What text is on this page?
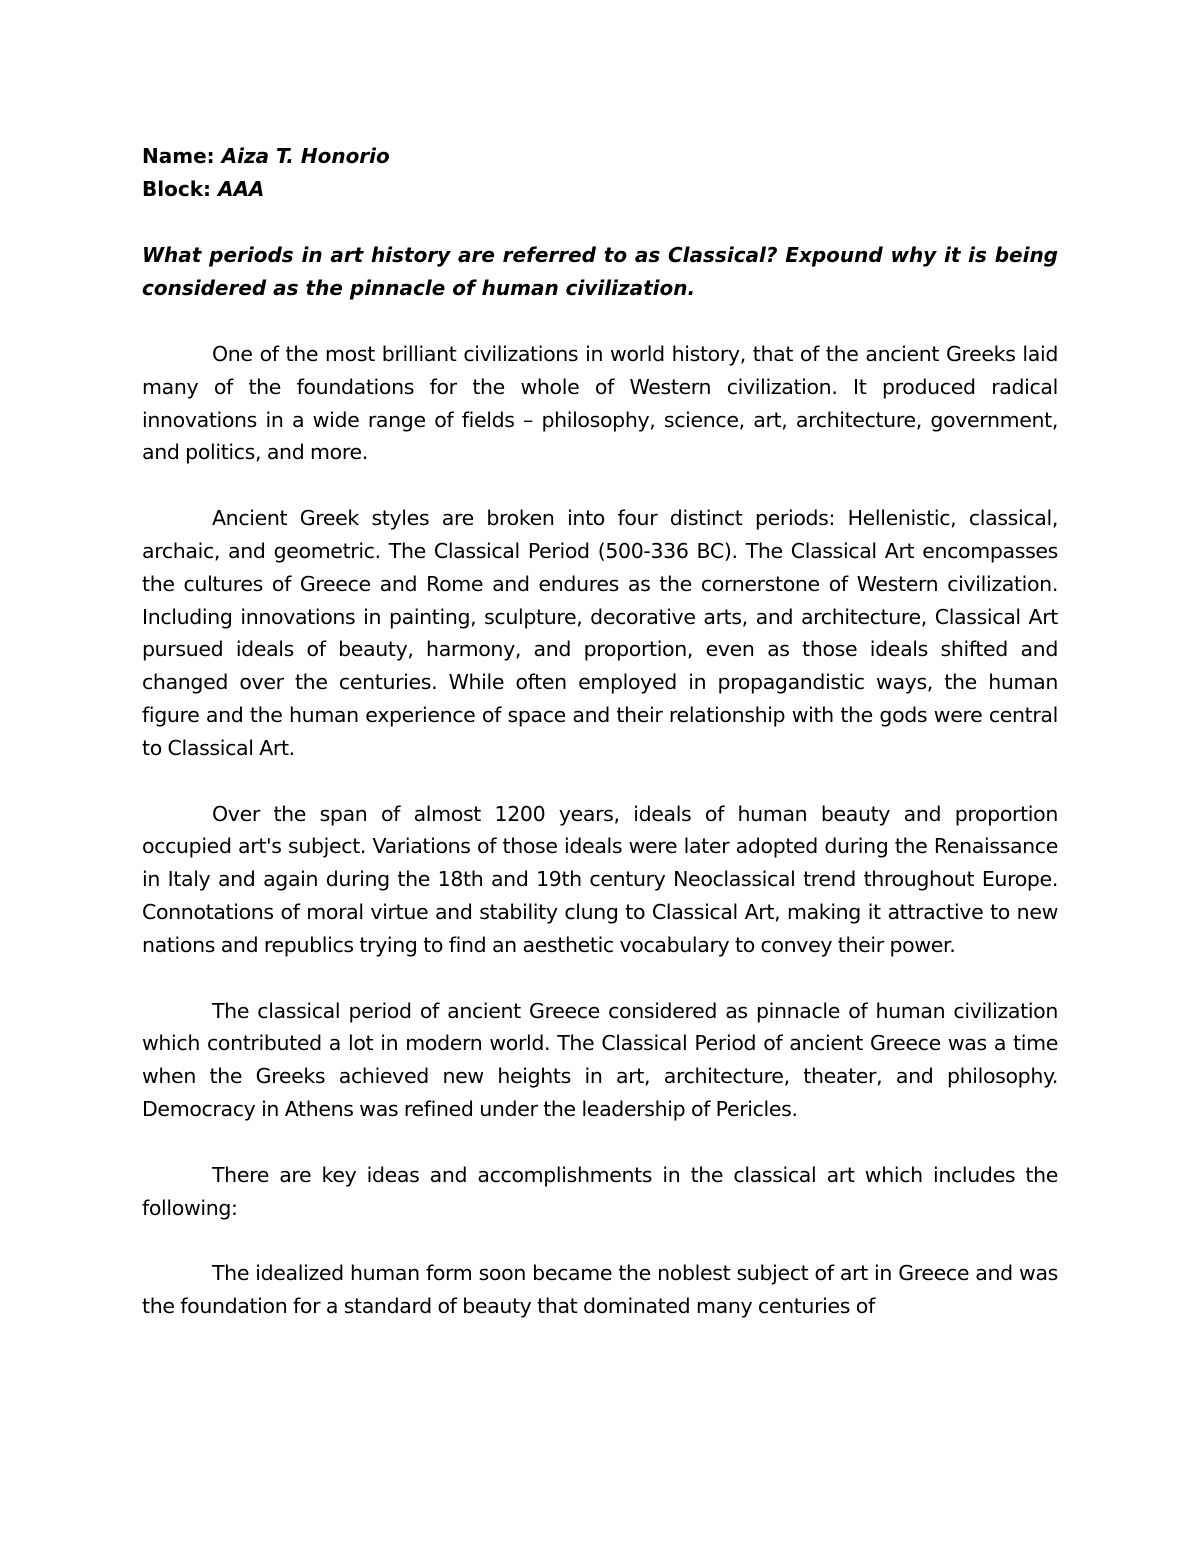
Name: Aiza T. Honorio

Block: AAA

What periods in art history are referred to as Classical? Expound why it is being considered as the pinnacle of human civilization.

One of the most brilliant civilizations in world history, that of the ancient Greeks laid many of the foundations for the whole of Western civilization. It produced radical innovations in a wide range of fields – philosophy, science, art, architecture, government, and politics, and more.

Ancient Greek styles are broken into four distinct periods: Hellenistic, classical, archaic, and geometric. The Classical Period (500-336 BC). The Classical Art encompasses the cultures of Greece and Rome and endures as the cornerstone of Western civilization. Including innovations in painting, sculpture, decorative arts, and architecture, Classical Art pursued ideals of beauty, harmony, and proportion, even as those ideals shifted and changed over the centuries. While often employed in propagandistic ways, the human figure and the human experience of space and their relationship with the gods were central to Classical Art.

Over the span of almost 1200 years, ideals of human beauty and proportion occupied art's subject. Variations of those ideals were later adopted during the Renaissance in Italy and again during the 18th and 19th century Neoclassical trend throughout Europe. Connotations of moral virtue and stability clung to Classical Art, making it attractive to new nations and republics trying to find an aesthetic vocabulary to convey their power.

The classical period of ancient Greece considered as pinnacle of human civilization which contributed a lot in modern world. The Classical Period of ancient Greece was a time when the Greeks achieved new heights in art, architecture, theater, and philosophy. Democracy in Athens was refined under the leadership of Pericles.

There are key ideas and accomplishments in the classical art which includes the following:

The idealized human form soon became the noblest subject of art in Greece and was the foundation for a standard of beauty that dominated many centuries of
